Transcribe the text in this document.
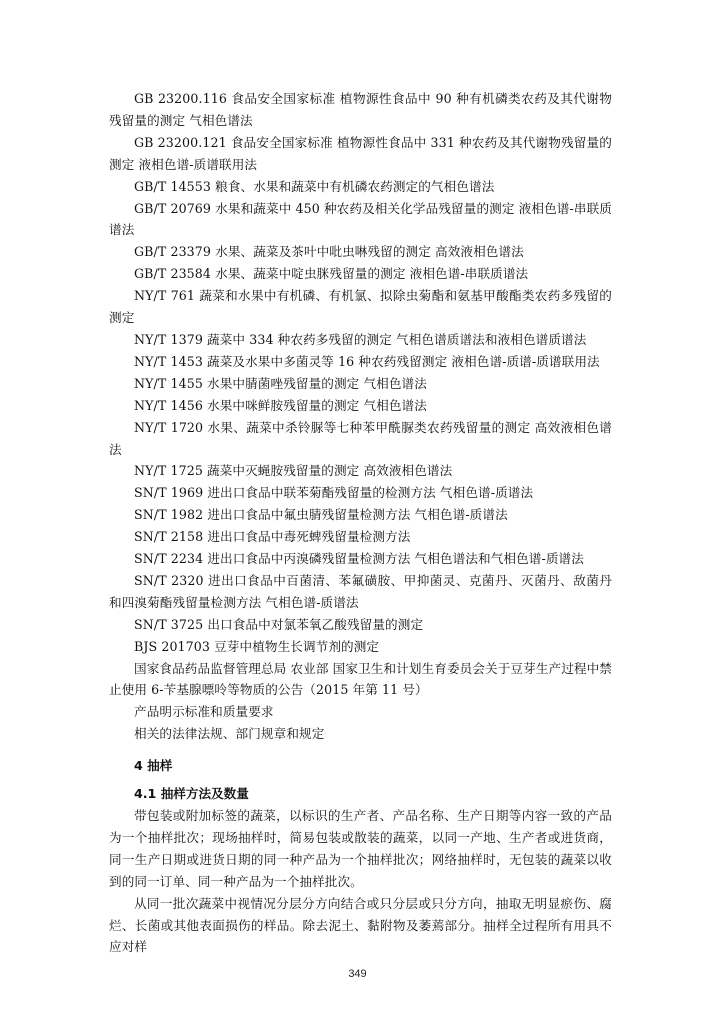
GB 23200.116 食品安全国家标准 植物源性食品中 90 种有机磷类农药及其代谢物残留量的测定 气相色谱法

GB 23200.121 食品安全国家标准 植物源性食品中 331 种农药及其代谢物残留量的测定 液相色谱-质谱联用法

GB/T 14553 粮食、水果和蔬菜中有机磷农药测定的气相色谱法

GB/T 20769 水果和蔬菜中 450 种农药及相关化学品残留量的测定 液相色谱-串联质谱法

GB/T 23379 水果、蔬菜及茶叶中吡虫啉残留的测定 高效液相色谱法

GB/T 23584 水果、蔬菜中啶虫脒残留量的测定 液相色谱-串联质谱法

NY/T 761 蔬菜和水果中有机磷、有机氯、拟除虫菊酯和氨基甲酸酯类农药多残留的测定

NY/T 1379 蔬菜中 334 种农药多残留的测定 气相色谱质谱法和液相色谱质谱法

NY/T 1453 蔬菜及水果中多菌灵等 16 种农药残留测定 液相色谱-质谱-质谱联用法

NY/T 1455 水果中腈菌唑残留量的测定 气相色谱法

NY/T 1456 水果中咪鲜胺残留量的测定 气相色谱法

NY/T 1720 水果、蔬菜中杀铃脲等七种苯甲酰脲类农药残留量的测定 高效液相色谱法

NY/T 1725 蔬菜中灭蝇胺残留量的测定 高效液相色谱法

SN/T 1969 进出口食品中联苯菊酯残留量的检测方法 气相色谱-质谱法

SN/T 1982 进出口食品中氟虫腈残留量检测方法 气相色谱-质谱法

SN/T 2158 进出口食品中毒死蜱残留量检测方法

SN/T 2234 进出口食品中丙溴磷残留量检测方法 气相色谱法和气相色谱-质谱法

SN/T 2320 进出口食品中百菌清、苯氟磺胺、甲抑菌灵、克菌丹、灭菌丹、敌菌丹和四溴菊酯残留量检测方法 气相色谱-质谱法

SN/T 3725 出口食品中对氯苯氧乙酸残留量的测定

BJS 201703 豆芽中植物生长调节剂的测定

国家食品药品监督管理总局 农业部 国家卫生和计划生育委员会关于豆芽生产过程中禁止使用 6-苄基腺嘌呤等物质的公告（2015 年第 11 号）

产品明示标准和质量要求

相关的法律法规、部门规章和规定

4 抽样
4.1 抽样方法及数量

带包装或附加标签的蔬菜，以标识的生产者、产品名称、生产日期等内容一致的产品为一个抽样批次；现场抽样时，简易包装或散装的蔬菜，以同一产地、生产者或进货商，同一生产日期或进货日期的同一种产品为一个抽样批次；网络抽样时，无包装的蔬菜以收到的同一订单、同一种产品为一个抽样批次。

从同一批次蔬菜中视情况分层分方向结合或只分层或只分方向，抽取无明显瘀伤、腐烂、长菌或其他表面损伤的样品。除去泥土、黏附物及萎蔫部分。抽样全过程所有用具不应对样

349
